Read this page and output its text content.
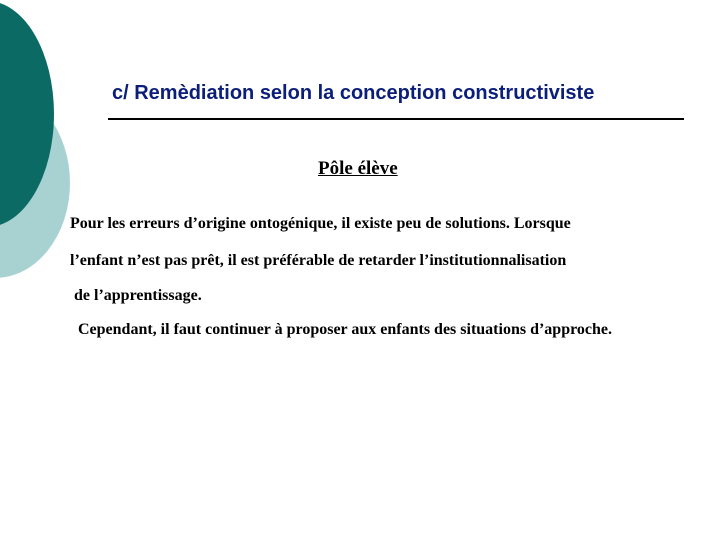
c/ Remèdiation selon la conception constructiviste
Pôle élève
Pour les erreurs d’origine ontogénique, il existe peu de solutions. Lorsque
l’enfant n’est pas prêt, il est préférable de retarder l’institutionnalisation
de l’apprentissage.
Cependant, il faut continuer à proposer aux enfants des situations d’approche.
